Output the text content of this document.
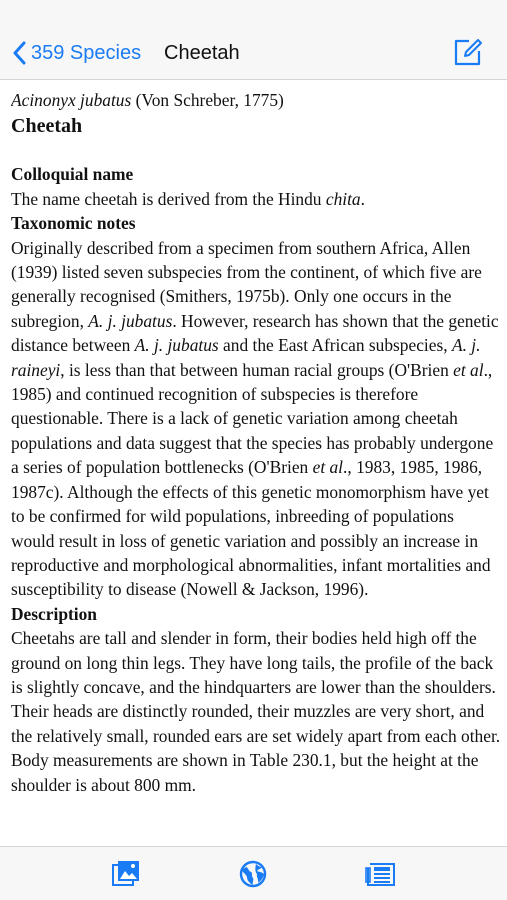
359 Species Cheetah

Acinonyx jubatus (Von Schreber, 1775)

Cheetah
Colloquial name

The name cheetah is derived from the Hindu chita.

Taxonomic notes

Originally described from a specimen from southern Africa, Allen (1939) listed seven subspecies from the continent, of which five are generally recognised (Smithers, 1975b). Only one occurs in the subregion, A. j. jubatus. However, research has shown that the genetic distance between A. j. jubatus and the East African subspecies, A. j. raineyi, is less than that between human racial groups (O'Brien et al., 1985) and continued recognition of subspecies is therefore questionable. There is a lack of genetic variation among cheetah populations and data suggest that the species has probably undergone a series of population bottlenecks (O'Brien et al., 1983, 1985, 1986, 1987c). Although the effects of this genetic monomorphism have yet to be confirmed for wild populations, inbreeding of populations would result in loss of genetic variation and possibly an increase in reproductive and morphological abnormalities, infant mortalities and susceptibility to disease (Nowell & Jackson, 1996).

Description

Cheetahs are tall and slender in form, their bodies held high off the ground on long thin legs. They have long tails, the profile of the back is slightly concave, and the hindquarters are lower than the shoulders. Their heads are distinctly rounded, their muzzles are very short, and the relatively small, rounded ears are set widely apart from each other. Body measurements are shown in Table 230.1, but the height at the shoulder is about 800 mm.
